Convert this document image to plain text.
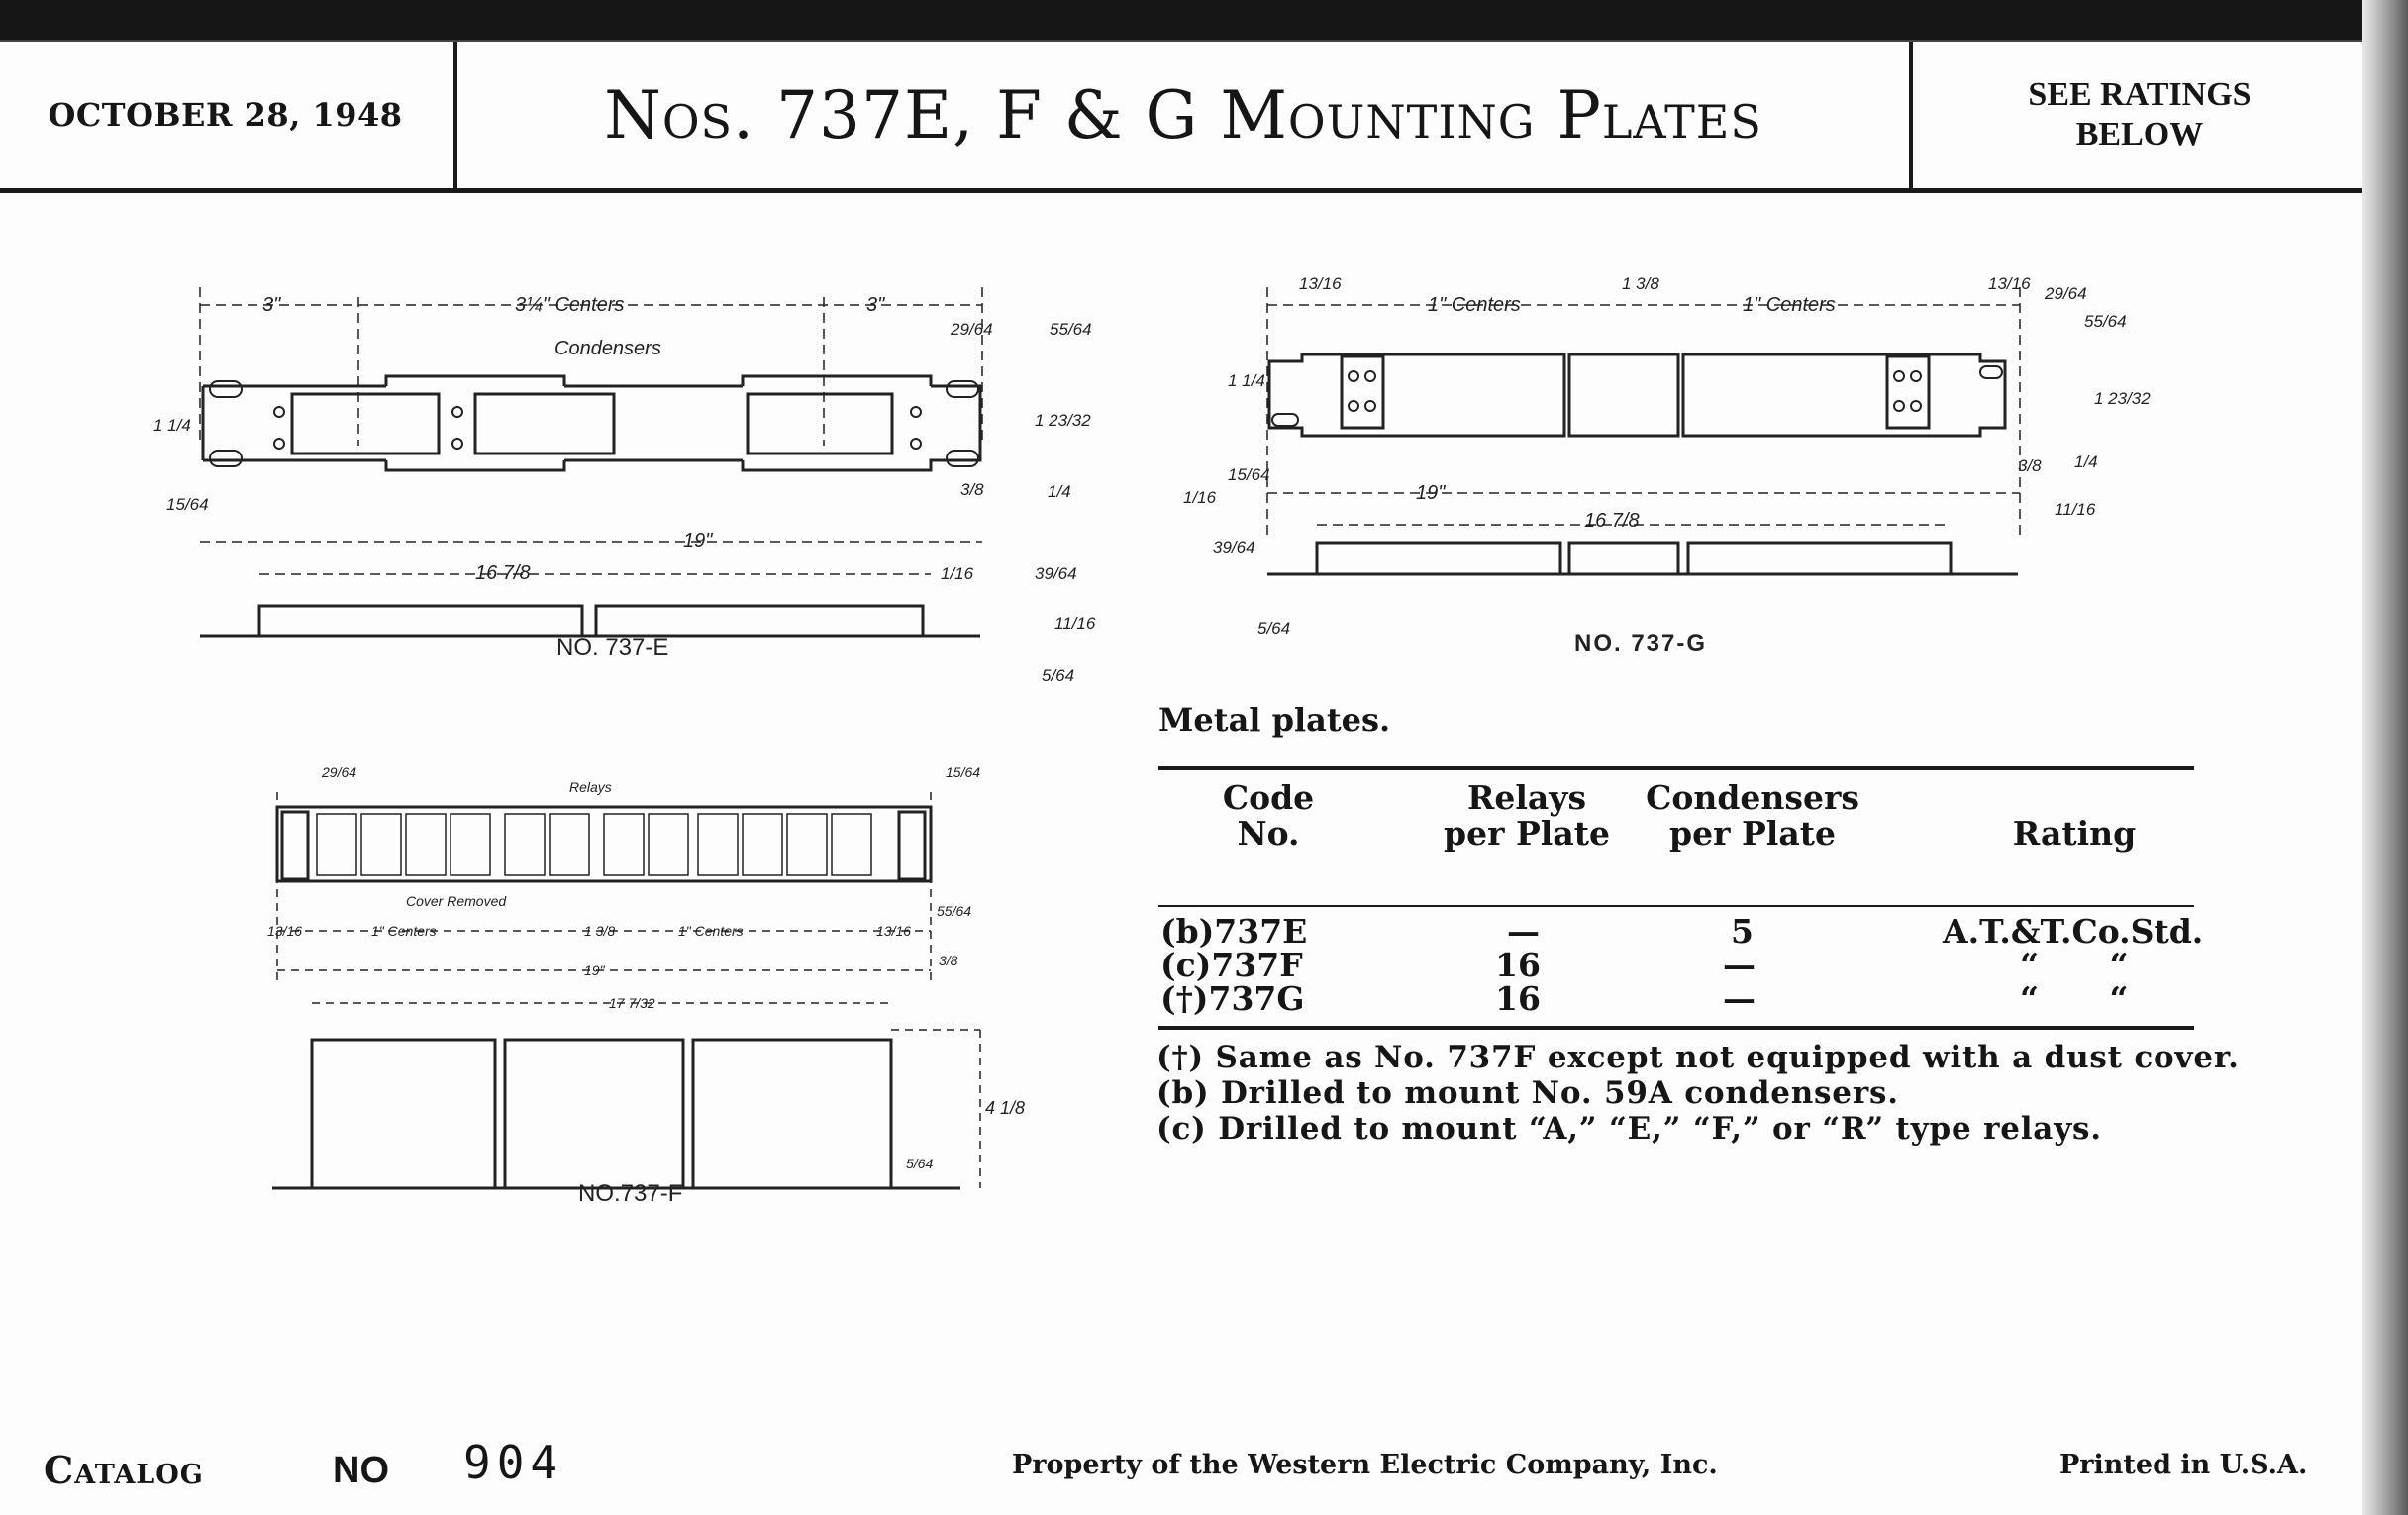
OCTOBER 28, 1948	Nos. 737E, F & G Mounting Plates	SEE RATINGS
BELOW
3"	3¼" Centers
Condensers
3"
19"
16 7/8
29/64	55/64
1 23/32
3/8
15/64
1/16	39/64
11/16
5/64
1 1/4
1/4
NO. 737-E
1" Centers	1" Centers
19"
16 7/8
13/16	1 3/8	13/16
29/64
55/64
1 23/32
3/8
15/64
1/16
39/64
5/64
11/16
1 1/4
1/4
NO. 737-G
Relays
Cover Removed
1" Centers	1" Centers
19"
17 7/32
29/64	15/64
13/16	13/16
55/64
1 3/8
3/8
4 1/8
5/64
NO.737-F
Metal plates.
Code
No.
Relays
per Plate
Condensers
per Plate	Rating
(b)737E	—	5	A.T.&T.Co.Std.
(c)737F	16	—	“ “
(†)737G	16	—	“ “
(†) Same as No. 737F except not equipped with a dust cover.
(b) Drilled to mount No. 59A condensers.
(c) Drilled to mount “A,” “E,” “F,” or “R” type relays.
Catalog	NO 904	Property of the Western Electric Company, Inc.	Printed in U.S.A.
